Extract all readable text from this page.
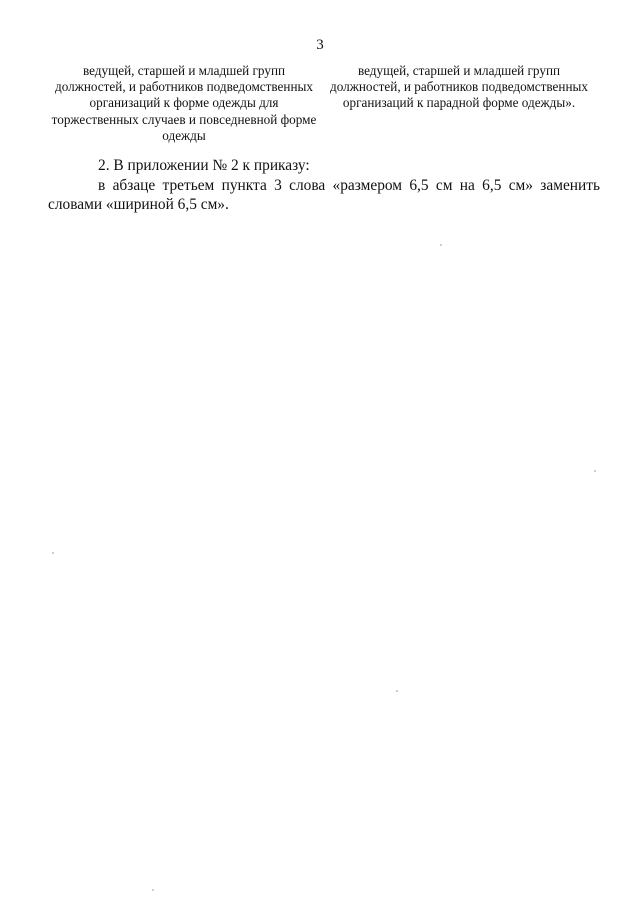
3
ведущей, старшей и младшей групп
должностей, и работников подведомственных
организаций к форме одежды для
торжественных случаев и повседневной форме
одежды
ведущей, старшей и младшей групп
должностей, и работников подведомственных
организаций к парадной форме одежды».
2. В приложении № 2 к приказу:
в абзаце третьем пункта 3 слова «размером 6,5 см на 6,5 см» заменить
словами «шириной 6,5 см».
